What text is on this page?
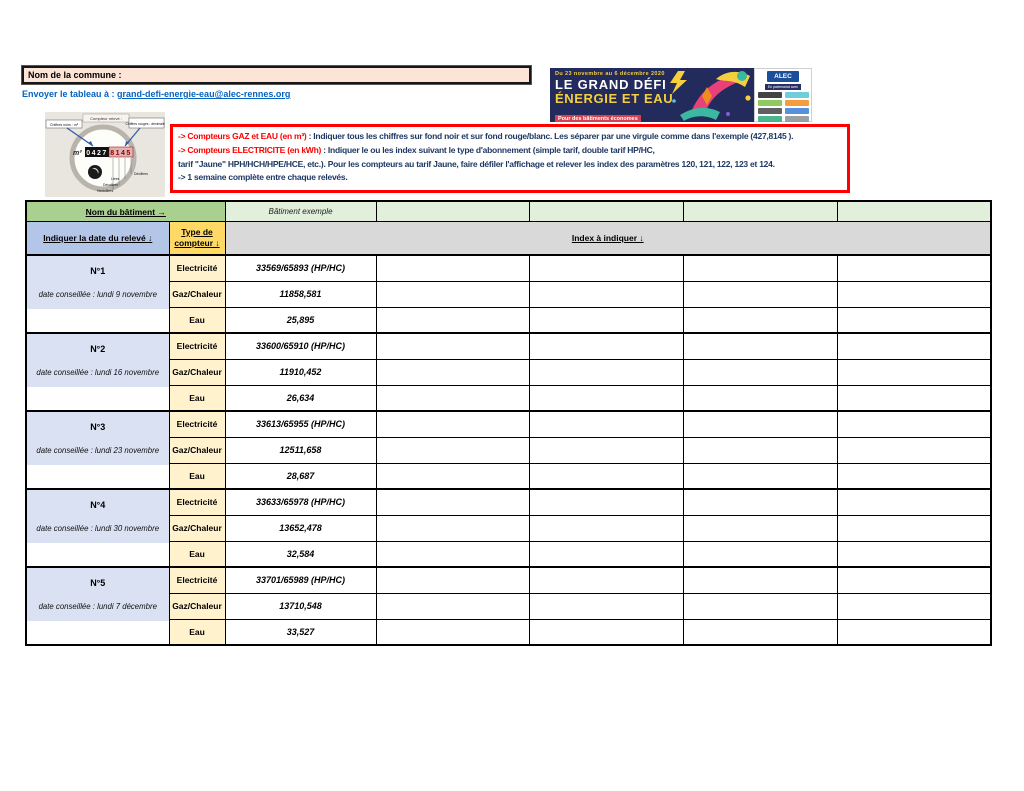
Nom de la commune :
Envoyer le tableau à : grand-defi-energie-eau@alec-rennes.org
Compteur relevé :
m³ 0427 8145
Chiffres noirs : m³	Chiffres rouges : décimales
Décilitres
Litres
Décalitres
Hectolitres
-> Compteurs GAZ et EAU (en m³) : Indiquer tous les chiffres sur fond noir et sur fond rouge/blanc. Les séparer par une virgule comme dans l'exemple (427,8145 ).
-> Compteurs ELECTRICITE (en kWh) : Indiquer le ou les index suivant le type d'abonnement (simple tarif, double tarif HP/HC,
tarif "Jaune" HPH/HCH/HPE/HCE, etc.). Pour les compteurs au tarif Jaune, faire défiler l'affichage et relever les index des paramètres 120, 121, 122, 123 et 124.
-> 1 semaine complète entre chaque relevés.
Du 23 novembre au 6 décembre 2020
LE GRAND DÉFI
ÉNERGIE ET EAU
Pour des bâtiments économes
ALEC
En partenariat avec
Nom du bâtiment →		Bâtiment exemple				
Indiquer la date du relevé ↓	Type de compteur ↓	Index à indiquer ↓				

N°1
date conseillée : lundi 9 novembre	Electricité	33569/65893 (HP/HC)				
	Gaz/Chaleur	11858,581				
	Eau	25,895				

N°2
date conseillée : lundi 16 novembre	Electricité	33600/65910 (HP/HC)				
	Gaz/Chaleur	11910,452				
	Eau	26,634				

N°3
date conseillée : lundi 23 novembre	Electricité	33613/65955 (HP/HC)				
	Gaz/Chaleur	12511,658				
	Eau	28,687				

N°4
date conseillée : lundi 30 novembre	Electricité	33633/65978 (HP/HC)				
	Gaz/Chaleur	13652,478				
	Eau	32,584				

N°5
date conseillée : lundi 7 décembre	Electricité	33701/65989 (HP/HC)				
	Gaz/Chaleur	13710,548				
	Eau	33,527				
